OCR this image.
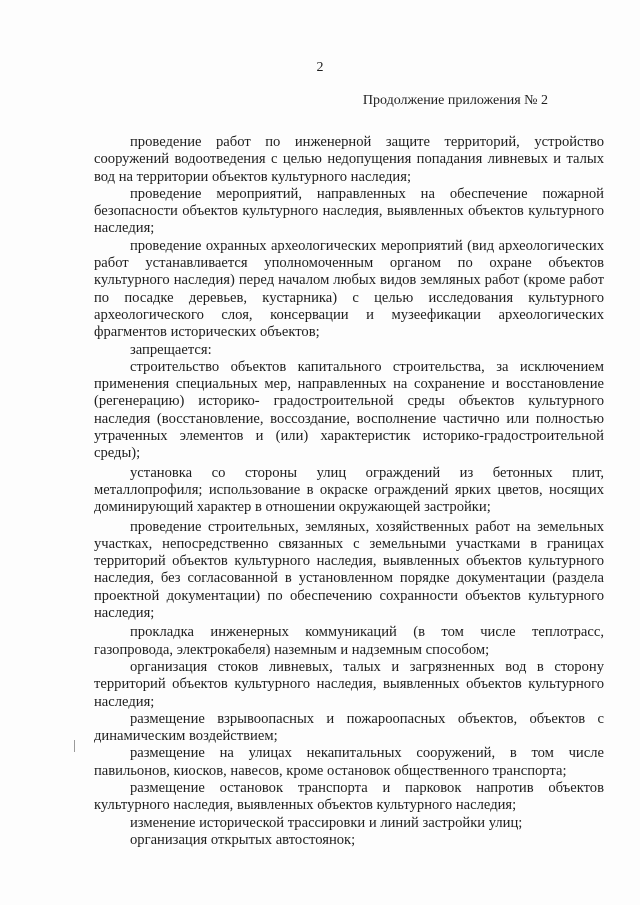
2
Продолжение приложения № 2

проведение работ по инженерной защите территорий, устройство сооружений водоотведения с целью недопущения попадания ливневых и талых вод на территории объектов культурного наследия;

проведение мероприятий, направленных на обеспечение пожарной безопасности объектов культурного наследия, выявленных объектов культурного наследия;

проведение охранных археологических мероприятий (вид археологических работ устанавливается уполномоченным органом по охране объектов культурного наследия) перед началом любых видов земляных работ (кроме работ по посадке деревьев, кустарника) с целью исследования культурного археологического слоя, консервации и музеефикации археологических фрагментов исторических объектов;

запрещается:

строительство объектов капитального строительства, за исключением применения специальных мер, направленных на сохранение и восстановление (регенерацию) историко- градостроительной среды объектов культурного наследия (восстановление, воссоздание, восполнение частично или полностью утраченных элементов и (или) характеристик историко-градостроительной среды);

установка со стороны улиц ограждений из бетонных плит, металлопрофиля; использование в окраске ограждений ярких цветов, носящих доминирующий характер в отношении окружающей застройки;

проведение строительных, земляных, хозяйственных работ на земельных участках, непосредственно связанных с земельными участками в границах территорий объектов культурного наследия, выявленных объектов культурного наследия, без согласованной в установленном порядке документации (раздела проектной документации) по обеспечению сохранности объектов культурного наследия;

прокладка инженерных коммуникаций (в том числе теплотрасс, газопровода, электрокабеля) наземным и надземным способом;

организация стоков ливневых, талых и загрязненных вод в сторону территорий объектов культурного наследия, выявленных объектов культурного наследия;

размещение взрывоопасных и пожароопасных объектов, объектов с динамическим воздействием;

размещение на улицах некапитальных сооружений, в том числе павильонов, киосков, навесов, кроме остановок общественного транспорта;

размещение остановок транспорта и парковок напротив объектов культурного наследия, выявленных объектов культурного наследия;

изменение исторической трассировки и линий застройки улиц;

организация открытых автостоянок;
